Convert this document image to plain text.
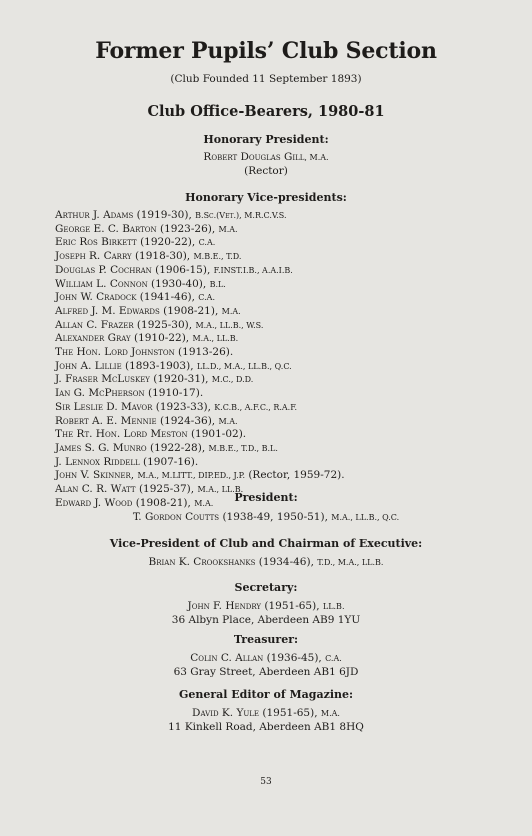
Former Pupils’ Club Section
(Club Founded 11 September 1893)
Club Office-Bearers, 1980-81
Honorary President:
Robert Douglas Gill, M.A.
(Rector)
Honorary Vice-presidents:
Arthur J. Adams (1919-30), B.Sc.(Vet.), M.R.C.V.S.
George E. C. Barton (1923-26), M.A.
Eric Ros Birkett (1920-22), C.A.
Joseph R. Carry (1918-30), M.B.E., T.D.
Douglas P. Cochran (1906-15), F.INST.I.B., A.A.I.B.
William L. Connon (1930-40), B.L.
John W. Cradock (1941-46), C.A.
Alfred J. M. Edwards (1908-21), M.A.
Allan C. Frazer (1925-30), M.A., LL.B., W.S.
Alexander Gray (1910-22), M.A., LL.B.
The Hon. Lord Johnston (1913-26).
John A. Lillie (1893-1903), LL.D., M.A., LL.B., Q.C.
J. Fraser McLuskey (1920-31), M.C., D.D.
Ian G. McPherson (1910-17).
Sir Leslie D. Mavor (1923-33), K.C.B., A.F.C., R.A.F.
Robert A. E. Mennie (1924-36), M.A.
The Rt. Hon. Lord Meston (1901-02).
James S. G. Munro (1922-28), M.B.E., T.D., B.L.
J. Lennox Riddell (1907-16).
John V. Skinner, M.A., M.LITT., DIP.ED., J.P. (Rector, 1959-72).
Alan C. R. Watt (1925-37), M.A., LL.B.
Edward J. Wood (1908-21), M.A.	President:
T. Gordon Coutts (1938-49, 1950-51), M.A., LL.B., Q.C.
Vice-President of Club and Chairman of Executive:
Brian K. Crookshanks (1934-46), T.D., M.A., LL.B.
Secretary:
John F. Hendry (1951-65), LL.B.
36 Albyn Place, Aberdeen AB9 1YU
Treasurer:
Colin C. Allan (1936-45), C.A.
63 Gray Street, Aberdeen AB1 6JD
General Editor of Magazine:
David K. Yule (1951-65), M.A.
11 Kinkell Road, Aberdeen AB1 8HQ
53
